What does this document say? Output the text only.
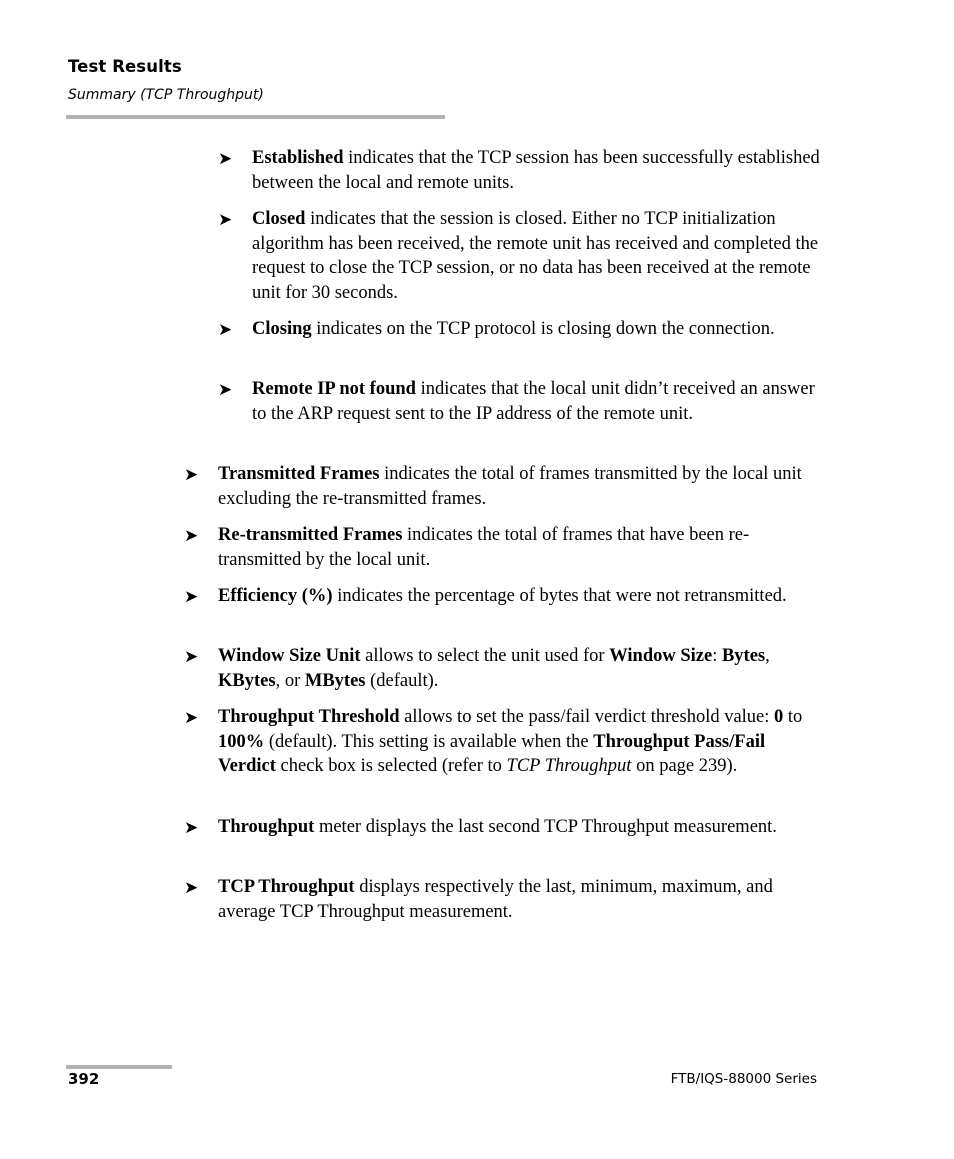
Test Results
Summary (TCP Throughput)
➤ Established indicates that the TCP session has been successfully established between the local and remote units.
➤ Closed indicates that the session is closed. Either no TCP initialization algorithm has been received, the remote unit has received and completed the request to close the TCP session, or no data has been received at the remote unit for 30 seconds.
➤ Closing indicates on the TCP protocol is closing down the connection.
➤ Remote IP not found indicates that the local unit didn’t received an answer to the ARP request sent to the IP address of the remote unit.
➤ Transmitted Frames indicates the total of frames transmitted by the local unit excluding the re-transmitted frames.
➤ Re-transmitted Frames indicates the total of frames that have been re-transmitted by the local unit.
➤ Efficiency (%) indicates the percentage of bytes that were not retransmitted.
➤ Window Size Unit allows to select the unit used for Window Size: Bytes, KBytes, or MBytes (default).
➤ Throughput Threshold allows to set the pass/fail verdict threshold value: 0 to 100% (default). This setting is available when the Throughput Pass/Fail Verdict check box is selected (refer to TCP Throughput on page 239).
➤ Throughput meter displays the last second TCP Throughput measurement.
➤ TCP Throughput displays respectively the last, minimum, maximum, and average TCP Throughput measurement.
392	FTB/IQS-88000 Series
